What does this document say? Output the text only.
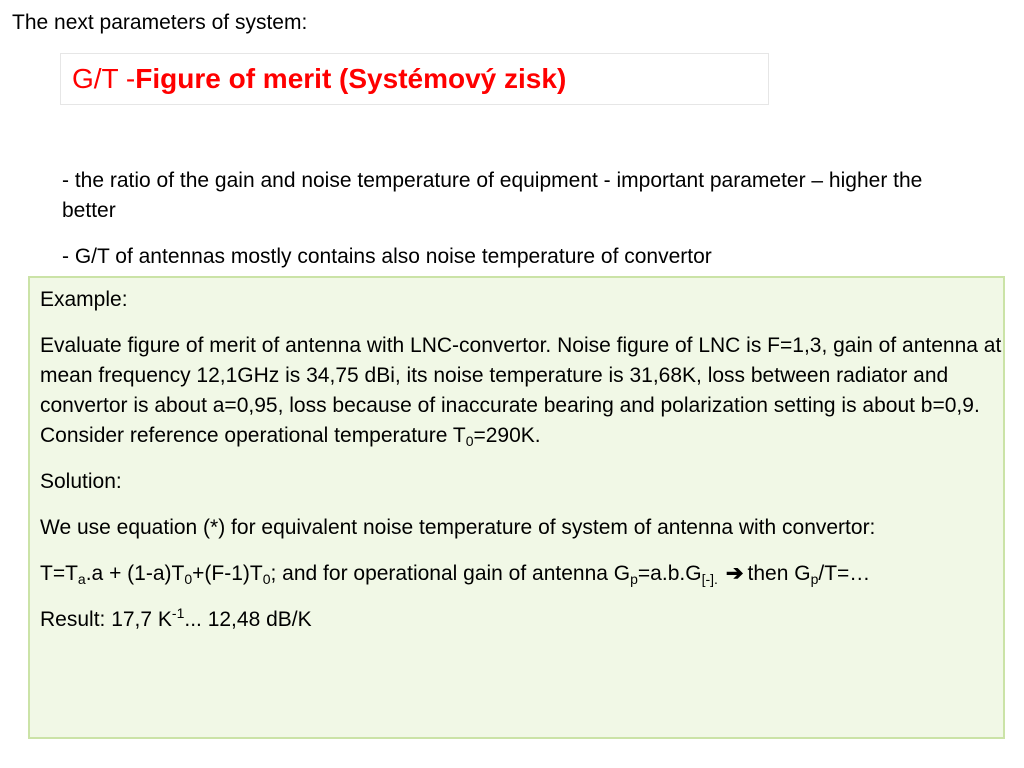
The next parameters of system:
G/T - Figure of merit (Systémový zisk)

- the ratio of the gain and noise temperature of equipment - important parameter – higher the better

- G/T of antennas mostly contains also noise temperature of convertor

Example:

Evaluate figure of merit of antenna with LNC-convertor. Noise figure of LNC is F=1,3, gain of antenna at mean frequency 12,1GHz is 34,75 dBi, its noise temperature is 31,68K, loss between radiator and convertor is about a=0,95, loss because of inaccurate bearing and polarization setting is about b=0,9. Consider reference operational temperature $T_0=290K$.

Solution:

We use equation (*) for equivalent noise temperature of system of antenna with convertor:

$T=T_a.a + (1-a)T_0+(F-1)T_0$; and for operational gain of antenna $G_p=a.b.G_{[-].}$ ➔ then $G_p/T=\dots$

Result: 17,7 $K^{-1}$... 12,48 dB/K
